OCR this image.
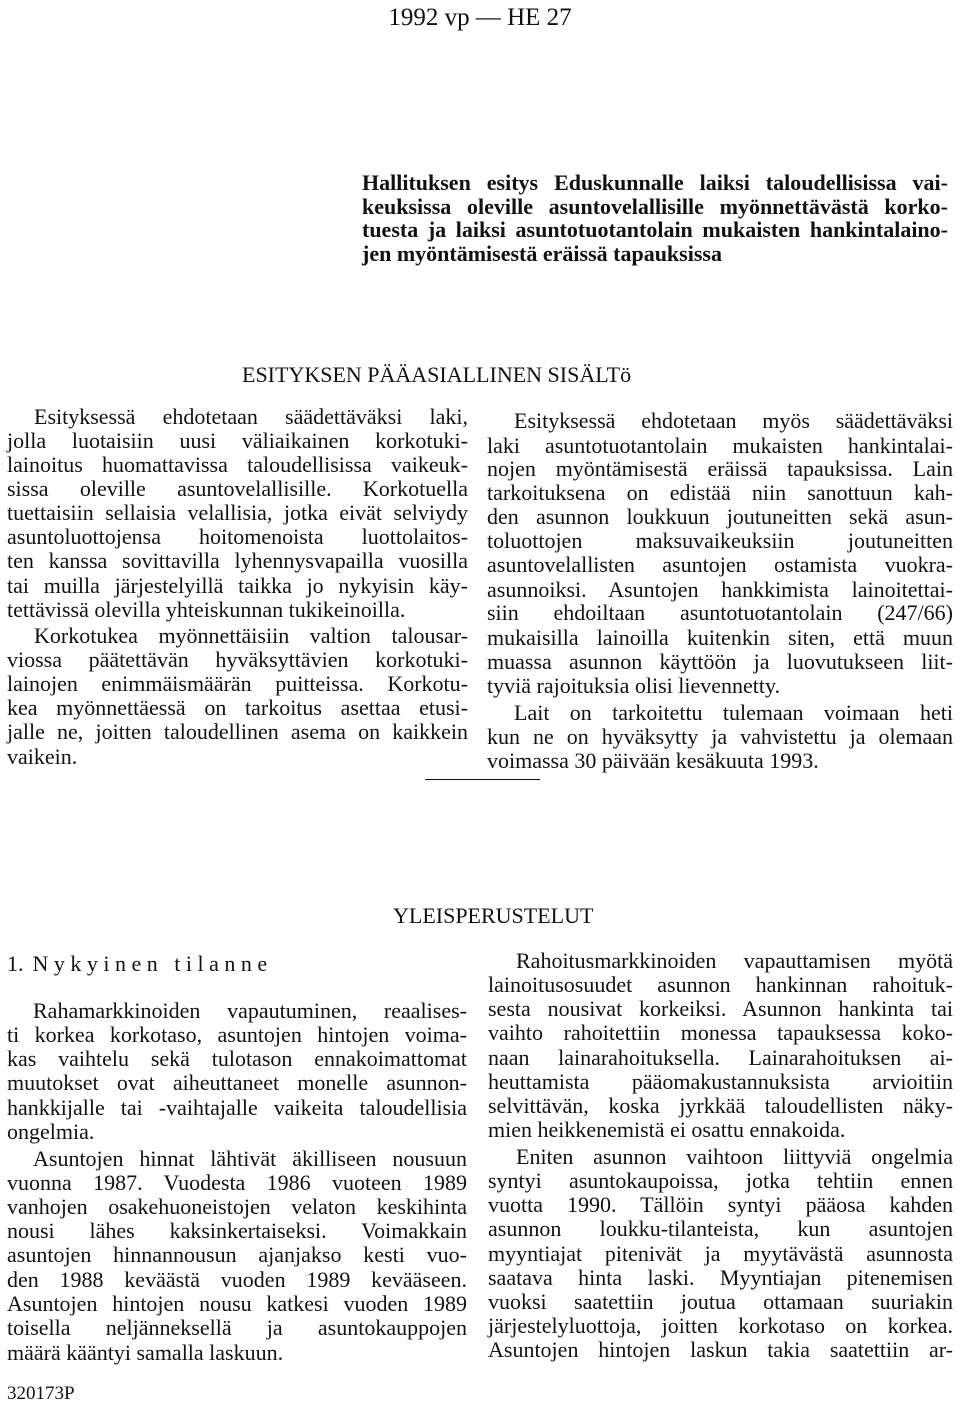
1992 vp — HE 27
Hallituksen esitys Eduskunnalle laiksi taloudellisissa vai-
keuksissa oleville asuntovelallisille myönnettävästä korko-
tuesta ja laiksi asuntotuotantolain mukaisten hankintalaino-
jen myöntämisestä eräissä tapauksissa
ESITYKSEN PÄÄASIALLINEN SISÄLTö
Esityksessä ehdotetaan säädettäväksi laki,
jolla luotaisiin uusi väliaikainen korkotuki-
lainoitus huomattavissa taloudellisissa vaikeuk-
sissa oleville asuntovelallisille. Korkotuella
tuettaisiin sellaisia velallisia, jotka eivät selviydy
asuntoluottojensa hoitomenoista luottolaitos-
ten kanssa sovittavilla lyhennysvapailla vuosilla
tai muilla järjestelyillä taikka jo nykyisin käy-
tettävissä olevilla yhteiskunnan tukikeinoilla.
Korkotukea myönnettäisiin valtion talousar-
viossa päätettävän hyväksyttävien korkotuki-
lainojen enimmäismäärän puitteissa. Korkotu-
kea myönnettäessä on tarkoitus asettaa etusi-
jalle ne, joitten taloudellinen asema on kaikkein
vaikein.
Esityksessä ehdotetaan myös säädettäväksi
laki asuntotuotantolain mukaisten hankintalai-
nojen myöntämisestä eräissä tapauksissa. Lain
tarkoituksena on edistää niin sanottuun kah-
den asunnon loukkuun joutuneitten sekä asun-
toluottojen maksuvaikeuksiin joutuneitten
asuntovelallisten asuntojen ostamista vuokra-
asunnoiksi. Asuntojen hankkimista lainoitettai-
siin ehdoiltaan asuntotuotantolain (247/66)
mukaisilla lainoilla kuitenkin siten, että muun
muassa asunnon käyttöön ja luovutukseen liit-
tyviä rajoituksia olisi lievennetty.
Lait on tarkoitettu tulemaan voimaan heti
kun ne on hyväksytty ja vahvistettu ja olemaan
voimassa 30 päivään kesäkuuta 1993.
YLEISPERUSTELUT
1. Nykyinen tilanne
Rahamarkkinoiden vapautuminen, reaalises-
ti korkea korkotaso, asuntojen hintojen voima-
kas vaihtelu sekä tulotason ennakoimattomat
muutokset ovat aiheuttaneet monelle asunnon-
hankkijalle tai -vaihtajalle vaikeita taloudellisia
ongelmia.
Asuntojen hinnat lähtivät äkilliseen nousuun
vuonna 1987. Vuodesta 1986 vuoteen 1989
vanhojen osakehuoneistojen velaton keskihinta
nousi lähes kaksinkertaiseksi. Voimakkain
asuntojen hinnannousun ajanjakso kesti vuo-
den 1988 keväästä vuoden 1989 kevääseen.
Asuntojen hintojen nousu katkesi vuoden 1989
toisella neljänneksellä ja asuntokauppojen
määrä kääntyi samalla laskuun.
Rahoitusmarkkinoiden vapauttamisen myötä
lainoitusosuudet asunnon hankinnan rahoituk-
sesta nousivat korkeiksi. Asunnon hankinta tai
vaihto rahoitettiin monessa tapauksessa koko-
naan lainarahoituksella. Lainarahoituksen ai-
heuttamista pääomakustannuksista arvioitiin
selvittävän, koska jyrkkää taloudellisten näky-
mien heikkenemistä ei osattu ennakoida.
Eniten asunnon vaihtoon liittyviä ongelmia
syntyi asuntokaupoissa, jotka tehtiin ennen
vuotta 1990. Tällöin syntyi pääosa kahden
asunnon loukku-tilanteista, kun asuntojen
myyntiajat pitenivät ja myytävästä asunnosta
saatava hinta laski. Myyntiajan pitenemisen
vuoksi saatettiin joutua ottamaan suuriakin
järjestelyluottoja, joitten korkotaso on korkea.
Asuntojen hintojen laskun takia saatettiin ar-
320173P
